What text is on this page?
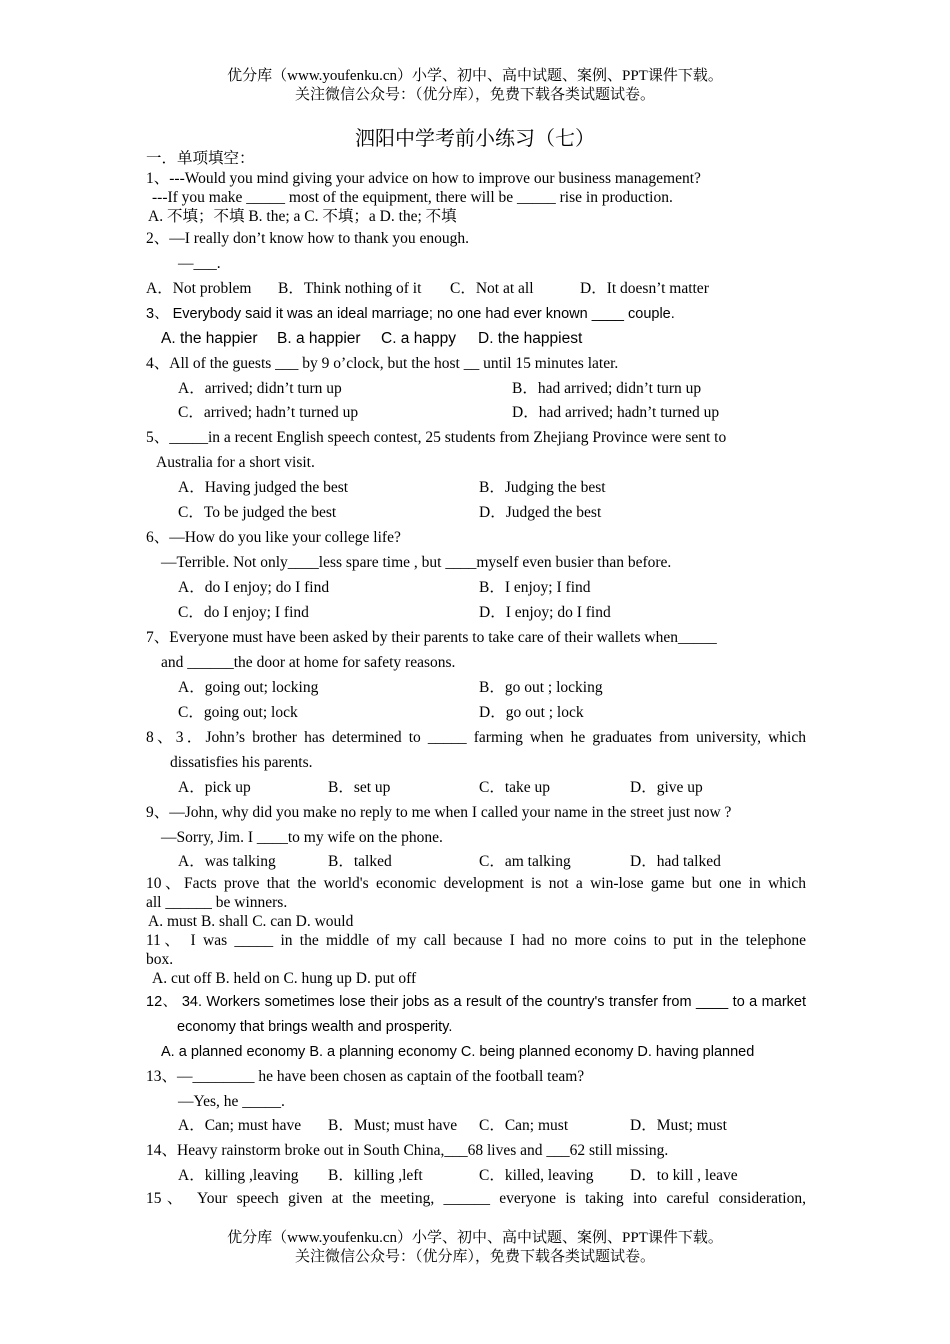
优分库（www.youfenku.cn）小学、初中、高中试题、案例、PPT课件下载。
关注微信公众号：（优分库），免费下载各类试题试卷。
泗阳中学考前小练习（七）
一．单项填空：
1、---Would you mind giving your advice on how to improve our business management?
---If you make _____ most of the equipment, there will be _____ rise in production.
A. 不填；不填 B. the; a C. 不填；a D. the; 不填
2、—I really don’t know how to thank you enough.
—___.
A．Not problem B．Think nothing of it C．Not at all	D．It doesn’t matter
3、 Everybody said it was an ideal marriage; no one had ever known ____ couple.
A. the happier B. a happier C. a happy D. the happiest
4、All of the guests ___ by 9 o’clock, but the host __ until 15 minutes later.
A．arrived; didn’t turn up	B．had arrived; didn’t turn up
C．arrived; hadn’t turned up	D．had arrived; hadn’t turned up
5、_____in a recent English speech contest, 25 students from Zhejiang Province were sent to
Australia for a short visit.
A．Having judged the best	B．Judging the best
C．To be judged the best	D．Judged the best
6、—How do you like your college life?
—Terrible. Not only____less spare time , but ____myself even busier than before.
A．do I enjoy; do I find	B．I enjoy; I find
C．do I enjoy; I find	D．I enjoy; do I find
7、Everyone must have been asked by their parents to take care of their wallets when_____
and ______the door at home for safety reasons.
A．going out; locking	B．go out ; locking
C．going out; lock	D．go out ; lock
8、3．John’s brother has determined to _____ farming when he graduates from university, which
dissatisfies his parents.
A．pick up	B．set up	C．take up	D．give up
9、—John, why did you make no reply to me when I called your name in the street just now ?
—Sorry, Jim. I ____to my wife on the phone.
A．was talking	B．talked	C．am talking	D．had talked
10、Facts prove that the world's economic development is not a win-lose game but one in which
all ______ be winners.
A. must B. shall C. can D. would
11、 I was _____ in the middle of my call because I had no more coins to put in the telephone
box.
A. cut off B. held on C. hung up D. put off
12、 34. Workers sometimes lose their jobs as a result of the country's transfer from ____ to a market
economy that brings wealth and prosperity.
A. a planned economy B. a planning economy C. being planned economy D. having planned
13、—________ he have been chosen as captain of the football team?
—Yes, he _____.
A．Can; must have B．Must; must have C．Can; must	D．Must; must
14、Heavy rainstorm broke out in South China,___68 lives and ___62 still missing.
A．killing ,leaving B．killing ,left	C．killed, leaving D．to kill , leave
15、 Your speech given at the meeting, ______ everyone is taking into careful consideration,
优分库（www.youfenku.cn）小学、初中、高中试题、案例、PPT课件下载。
关注微信公众号：（优分库），免费下载各类试题试卷。
